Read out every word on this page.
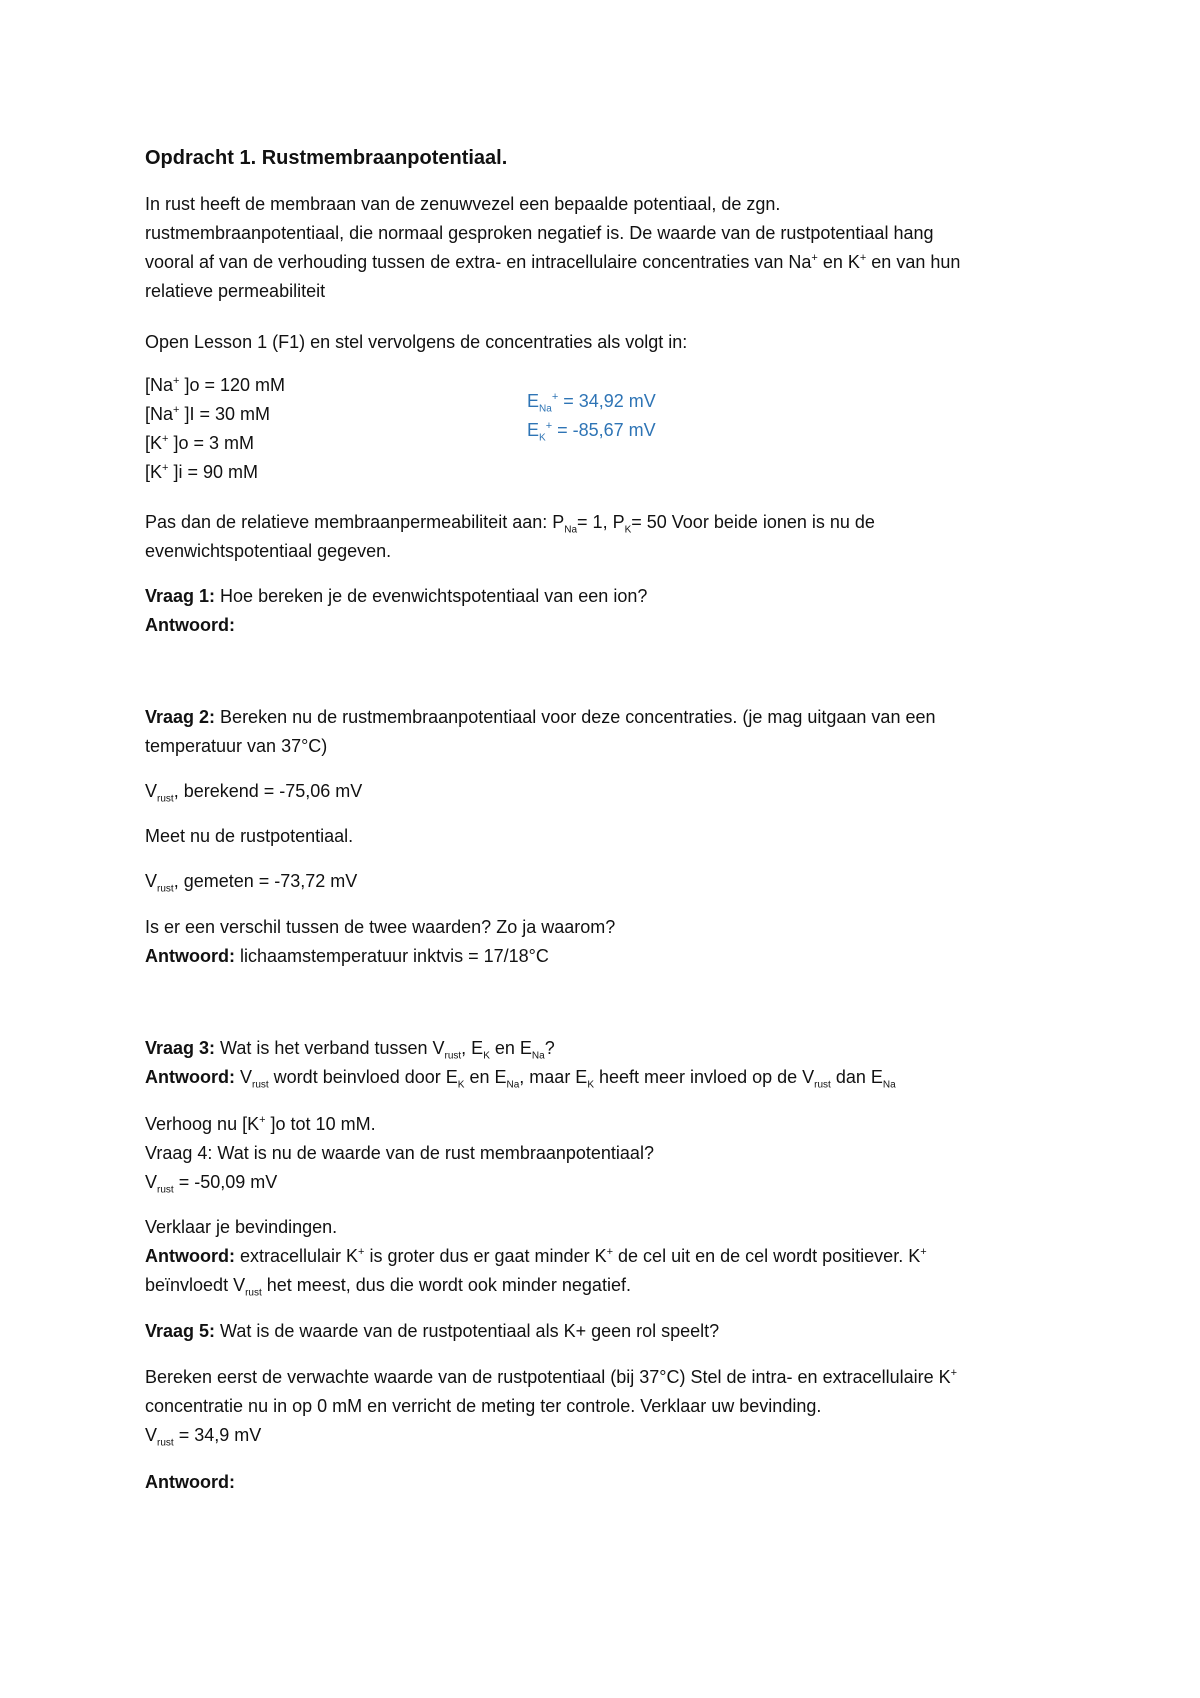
Opdracht 1. Rustmembraanpotentiaal.
In rust heeft de membraan van de zenuwvezel een bepaalde potentiaal, de zgn.
rustmembraanpotentiaal, die normaal gesproken negatief is. De waarde van de rustpotentiaal hang
vooral af van de verhouding tussen de extra- en intracellulaire concentraties van Na+ en K+ en van hun
relatieve permeabiliteit
Open Lesson 1 (F1) en stel vervolgens de concentraties als volgt in:
[Na+ ]o = 120 mM
[Na+ ]I = 30 mM
[K+ ]o = 3 mM
[K+ ]i = 90 mM
$E_{Na}^+ = 34,92$ mV
$E_K^+ = -85,67$ mV
Pas dan de relatieve membraanpermeabiliteit aan: $P_{Na}= 1$, $P_K= 50$ Voor beide ionen is nu de
evenwichtspotentiaal gegeven.
Vraag 1: Hoe bereken je de evenwichtspotentiaal van een ion?
Antwoord:
Vraag 2: Bereken nu de rustmembraanpotentiaal voor deze concentraties. (je mag uitgaan van een
temperatuur van 37°C)
$V_{rust}$, berekend = -75,06 mV
Meet nu de rustpotentiaal.
$V_{rust}$, gemeten = -73,72 mV
Is er een verschil tussen de twee waarden? Zo ja waarom?
Antwoord: lichaamstemperatuur inktvis = 17/18°C
Vraag 3: Wat is het verband tussen $V_{rust}$, $E_K$ en $E_{Na}$?
Antwoord: $V_{rust}$ wordt beinvloed door $E_K$ en $E_{Na}$, maar $E_K$ heeft meer invloed op de $V_{rust}$ dan $E_{Na}$
Verhoog nu [K+ ]o tot 10 mM.
Vraag 4: Wat is nu de waarde van de rust membraanpotentiaal?
$V_{rust} = -50,09$ mV
Verklaar je bevindingen.
Antwoord: extracellulair K+ is groter dus er gaat minder K+ de cel uit en de cel wordt positiever. K+
beïnvloedt $V_{rust}$ het meest, dus die wordt ook minder negatief.
Vraag 5: Wat is de waarde van de rustpotentiaal als K+ geen rol speelt?
Bereken eerst de verwachte waarde van de rustpotentiaal (bij 37°C) Stel de intra- en extracellulaire K+
concentratie nu in op 0 mM en verricht de meting ter controle. Verklaar uw bevinding.
$V_{rust} = 34,9$ mV
Antwoord:
